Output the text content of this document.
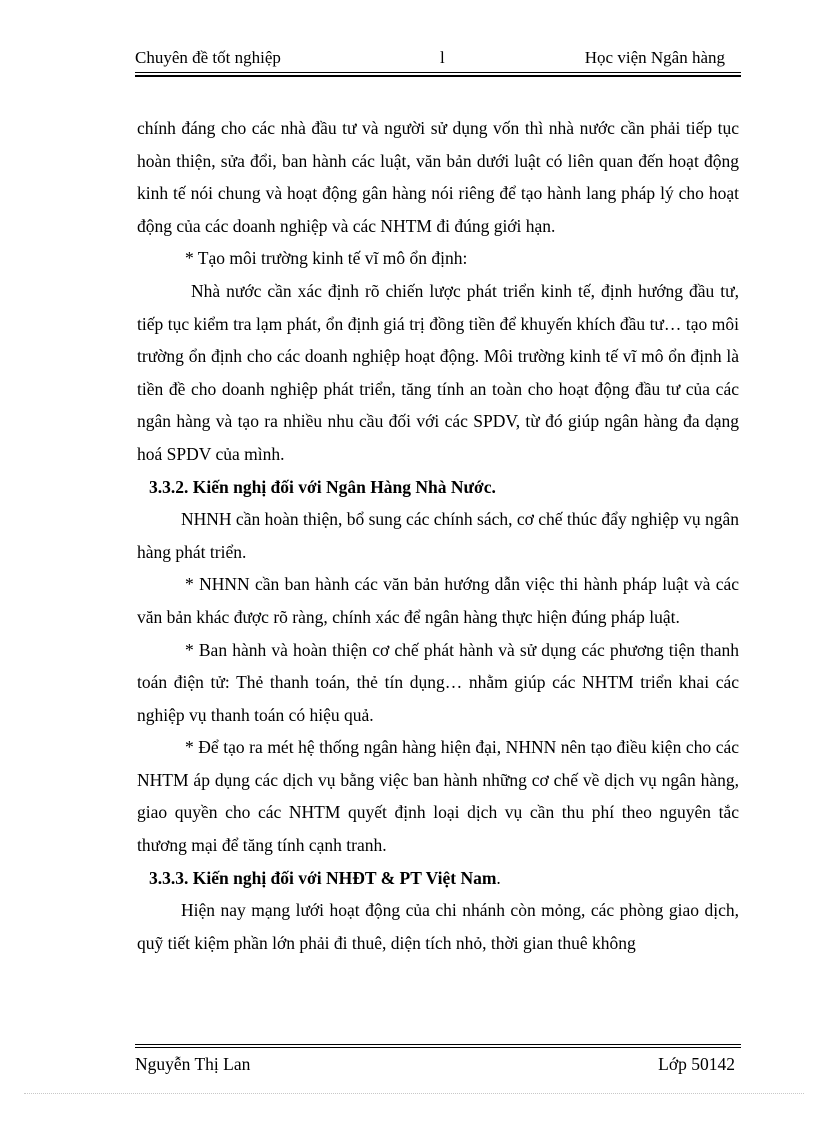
Chuyên đề tốt nghiệp	l	Học viện Ngân hàng

chính đáng cho các nhà đầu tư và người sử dụng vốn thì nhà nước cần phải tiếp tục hoàn thiện, sửa đổi, ban hành các luật, văn bản dưới luật có liên quan đến hoạt động kinh tế nói chung và hoạt động gân hàng nói riêng để tạo hành lang pháp lý cho hoạt động của các doanh nghiệp và các NHTM đi đúng giới hạn.

* Tạo môi trường kinh tế vĩ mô ổn định:

Nhà nước cần xác định rõ chiến lược phát triển kinh tế, định hướng đầu tư, tiếp tục kiểm tra lạm phát, ổn định giá trị đồng tiền để khuyến khích đầu tư… tạo môi trường ổn định cho các doanh nghiệp hoạt động. Môi trường kinh tế vĩ mô ổn định là tiền đề cho doanh nghiệp phát triển, tăng tính an toàn cho hoạt động đầu tư của các ngân hàng và tạo ra nhiều nhu cầu đối với các SPDV, từ đó giúp ngân hàng đa dạng hoá SPDV của mình.

3.3.2. Kiến nghị đối với Ngân Hàng Nhà Nước.

NHNH cần hoàn thiện, bổ sung các chính sách, cơ chế thúc đẩy nghiệp vụ ngân hàng phát triển.

* NHNN cần ban hành các văn bản hướng dẫn việc thi hành pháp luật và các văn bản khác được rõ ràng, chính xác để ngân hàng thực hiện đúng pháp luật.

* Ban hành và hoàn thiện cơ chế phát hành và sử dụng các phương tiện thanh toán điện tử: Thẻ thanh toán, thẻ tín dụng… nhằm giúp các NHTM triển khai các nghiệp vụ thanh toán có hiệu quả.

* Để tạo ra mét hệ thống ngân hàng hiện đại, NHNN nên tạo điều kiện cho các NHTM áp dụng các dịch vụ bằng việc ban hành những cơ chế về dịch vụ ngân hàng, giao quyền cho các NHTM quyết định loại dịch vụ cần thu phí theo nguyên tắc thương mại để tăng tính cạnh tranh.

3.3.3. Kiến nghị đối với NHĐT & PT Việt Nam.

Hiện nay mạng lưới hoạt động của chi nhánh còn mỏng, các phòng giao dịch, quỹ tiết kiệm phần lớn phải đi thuê, diện tích nhỏ, thời gian thuê không

Nguyễn Thị Lan	Lớp 50142
